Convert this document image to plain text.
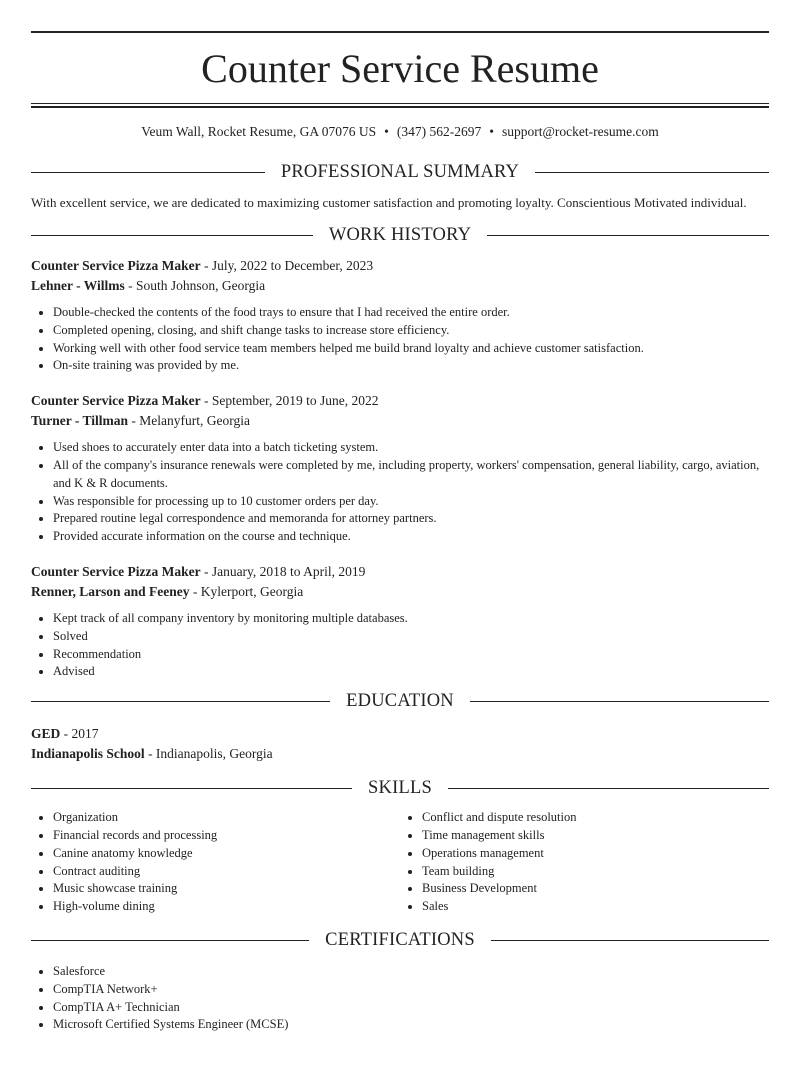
Counter Service Resume
Veum Wall, Rocket Resume, GA 07076 US • (347) 562-2697 • support@rocket-resume.com
PROFESSIONAL SUMMARY

With excellent service, we are dedicated to maximizing customer satisfaction and promoting loyalty. Conscientious Motivated individual.

WORK HISTORY
Counter Service Pizza Maker - July, 2022 to December, 2023
Lehner - Willms - South Johnson, Georgia
• Double-checked the contents of the food trays to ensure that I had received the entire order.
• Completed opening, closing, and shift change tasks to increase store efficiency.
• Working well with other food service team members helped me build brand loyalty and achieve customer satisfaction.
• On-site training was provided by me.
Counter Service Pizza Maker - September, 2019 to June, 2022
Turner - Tillman - Melanyfurt, Georgia
• Used shoes to accurately enter data into a batch ticketing system.
• All of the company's insurance renewals were completed by me, including property, workers' compensation, general liability, cargo, aviation, and K & R documents.
• Was responsible for processing up to 10 customer orders per day.
• Prepared routine legal correspondence and memoranda for attorney partners.
• Provided accurate information on the course and technique.
Counter Service Pizza Maker - January, 2018 to April, 2019
Renner, Larson and Feeney - Kylerport, Georgia
• Kept track of all company inventory by monitoring multiple databases.
• Solved
• Recommendation
• Advised
EDUCATION
GED - 2017
Indianapolis School - Indianapolis, Georgia
SKILLS
• Organization
• Financial records and processing
• Canine anatomy knowledge
• Contract auditing
• Music showcase training
• High-volume dining
• Conflict and dispute resolution
• Time management skills
• Operations management
• Team building
• Business Development
• Sales
CERTIFICATIONS
• Salesforce
• CompTIA Network+
• CompTIA A+ Technician
• Microsoft Certified Systems Engineer (MCSE)
